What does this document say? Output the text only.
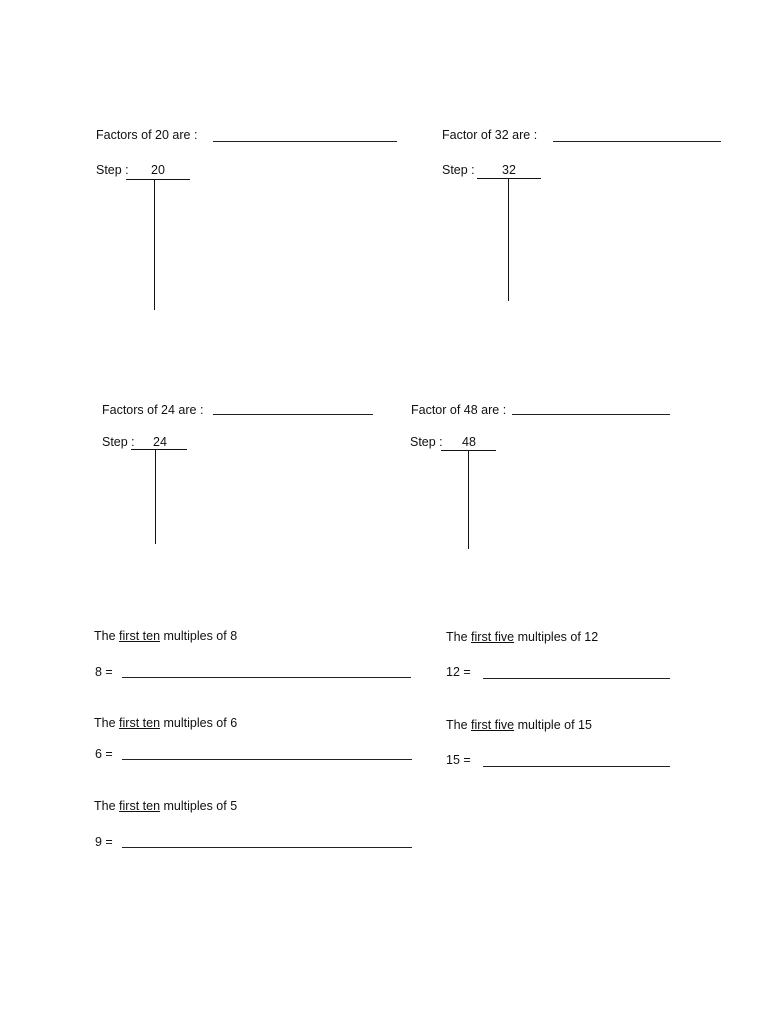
Factors of 20 are :
Step :	20
Factor of 32 are :
Step :	32
Factors of 24 are :
Step :	24
Factor of 48 are :
Step :	48
The first ten multiples of 8
8 =
The first five multiples of 12
12 =
The first ten multiples of 6
6 =
The first five multiple of 15
15 =
The first ten multiples of 5
9 =
